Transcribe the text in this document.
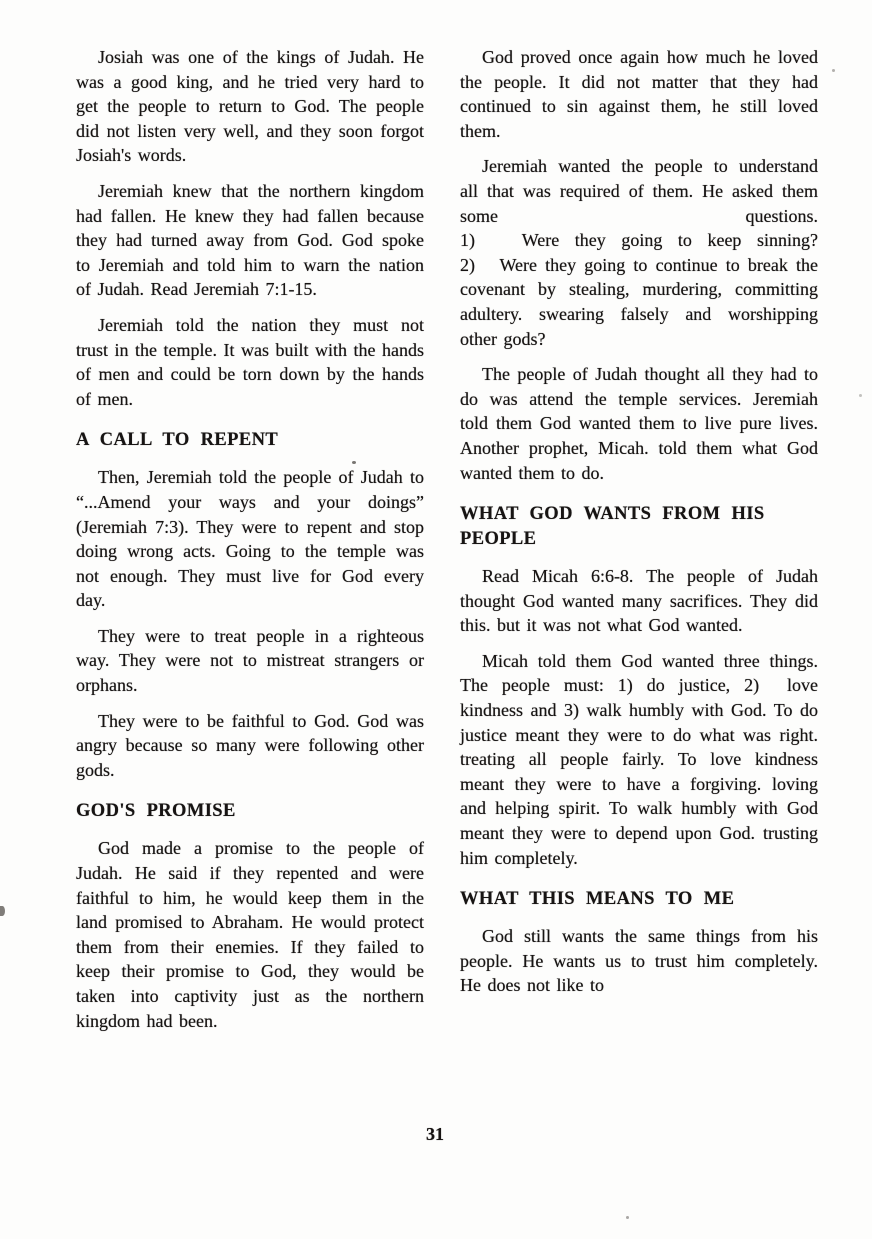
Josiah was one of the kings of Judah. He was a good king, and he tried very hard to get the people to return to God. The people did not listen very well, and they soon forgot Josiah's words.

Jeremiah knew that the northern kingdom had fallen. He knew they had fallen because they had turned away from God. God spoke to Jeremiah and told him to warn the nation of Judah. Read Jeremiah 7:1-15.

Jeremiah told the nation they must not trust in the temple. It was built with the hands of men and could be torn down by the hands of men.

A CALL TO REPENT

Then, Jeremiah told the people of Judah to “...Amend your ways and your doings” (Jeremiah 7:3). They were to repent and stop doing wrong acts. Going to the temple was not enough. They must live for God every day.

They were to treat people in a righteous way. They were not to mistreat strangers or orphans.

They were to be faithful to God. God was angry because so many were following other gods.

GOD'S PROMISE

God made a promise to the people of Judah. He said if they repented and were faithful to him, he would keep them in the land promised to Abraham. He would protect them from their enemies. If they failed to keep their promise to God, they would be taken into captivity just as the northern kingdom had been.

God proved once again how much he loved the people. It did not matter that they had continued to sin against them, he still loved them.

Jeremiah wanted the people to understand all that was required of them. He asked them some questions.

1)   Were they going to keep sinning?

2)   Were they going to continue to break the covenant by stealing, murdering, committing adultery. swearing falsely and worshipping other gods?

The people of Judah thought all they had to do was attend the temple services. Jeremiah told them God wanted them to live pure lives. Another prophet, Micah. told them what God wanted them to do.

WHAT GOD WANTS FROM HIS PEOPLE

Read Micah 6:6-8. The people of Judah thought God wanted many sacrifices. They did this. but it was not what God wanted.

Micah told them God wanted three things. The people must: 1) do justice, 2)  love kindness and 3) walk humbly with God. To do justice meant they were to do what was right. treating all people fairly. To love kindness meant they were to have a forgiving. loving and helping spirit. To walk humbly with God meant they were to depend upon God. trusting him completely.

WHAT THIS MEANS TO ME

God still wants the same things from his people. He wants us to trust him completely. He does not like to

31
